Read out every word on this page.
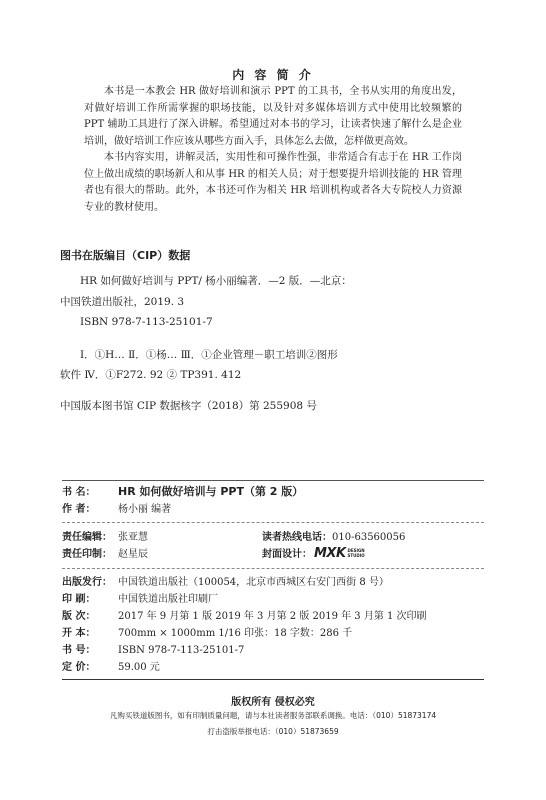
内 容 简 介

本书是一本教会 HR 做好培训和演示 PPT 的工具书，全书从实用的角度出发，对做好培训工作所需掌握的职场技能，以及针对多媒体培训方式中使用比较频繁的 PPT 辅助工具进行了深入讲解。希望通过对本书的学习，让读者快速了解什么是企业培训，做好培训工作应该从哪些方面入手，具体怎么去做，怎样做更高效。

本书内容实用，讲解灵活，实用性和可操作性强，非常适合有志于在 HR 工作岗位上做出成绩的职场新人和从事 HR 的相关人员；对于想要提升培训技能的 HR 管理者也有很大的帮助。此外，本书还可作为相关 HR 培训机构或者各大专院校人力资源专业的教材使用。

图书在版编目（CIP）数据
HR 如何做好培训与 PPT/ 杨小丽编著．—2 版．—北京：
中国铁道出版社，2019. 3
ISBN 978-7-113-25101-7
Ⅰ．①H… Ⅱ．①杨… Ⅲ．①企业管理－职工培训②图形
软件 Ⅳ．①F272. 92 ② TP391. 412
中国版本图书馆 CIP 数据核字（2018）第 255908 号
书 名：	HR 如何做好培训与 PPT（第 2 版）
作 者：	杨小丽 编著
责任编辑： 张亚慧	读者热线电话：010-63560056
责任印制： 赵星辰	封面设计： MXK DESIGN
STUDIO
出版发行： 中国铁道出版社（100054，北京市西城区右安门西街 8 号）
印 刷：	中国铁道出版社印刷厂
版 次：	2017 年 9 月第 1 版 2019 年 3 月第 2 版 2019 年 3 月第 1 次印刷
开 本：	700mm × 1000mm 1/16 印张：18 字数：286 千
书 号：	ISBN 978-7-113-25101-7
定 价：	59.00 元
版权所有 侵权必究
凡购买铁道版图书，如有印制质量问题，请与本社读者服务部联系调换。电话：（010）51873174
打击盗版举报电话：（010）51873659
